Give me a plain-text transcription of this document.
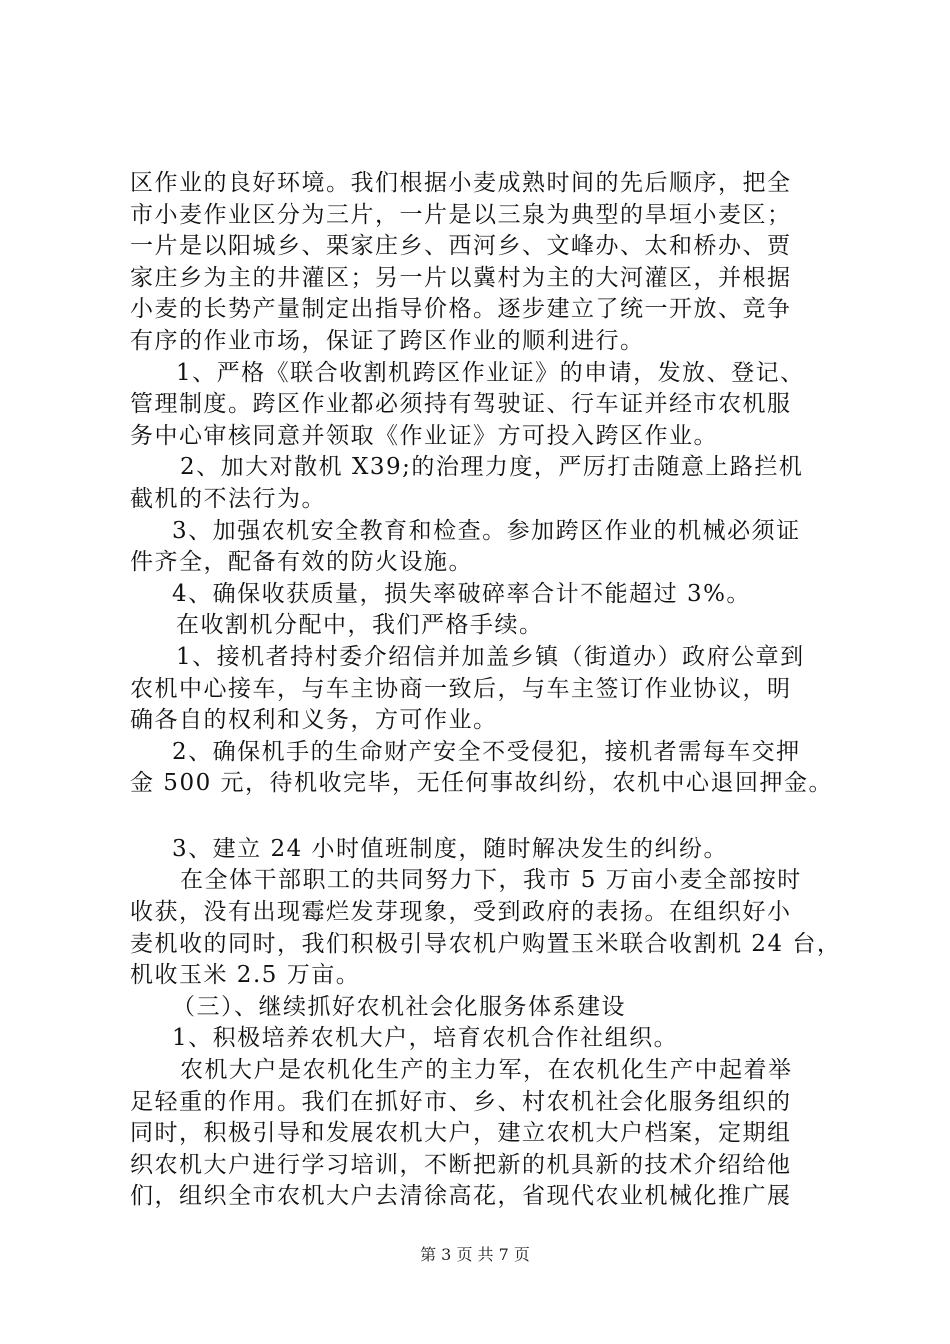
区作业的良好环境。我们根据小麦成熟时间的先后顺序，把全
市小麦作业区分为三片，一片是以三泉为典型的旱垣小麦区；
一片是以阳城乡、栗家庄乡、西河乡、文峰办、太和桥办、贾
家庄乡为主的井灌区；另一片以冀村为主的大河灌区，并根据
小麦的长势产量制定出指导价格。逐步建立了统一开放、竞争
有序的作业市场，保证了跨区作业的顺利进行。
1、严格《联合收割机跨区作业证》的申请，发放、登记、
管理制度。跨区作业都必须持有驾驶证、行车证并经市农机服
务中心审核同意并领取《作业证》方可投入跨区作业。
2、加大对散机 X39;的治理力度，严厉打击随意上路拦机
截机的不法行为。
3、加强农机安全教育和检查。参加跨区作业的机械必须证
件齐全，配备有效的防火设施。
4、确保收获质量，损失率破碎率合计不能超过 3%。
在收割机分配中，我们严格手续。
1、接机者持村委介绍信并加盖乡镇（街道办）政府公章到
农机中心接车，与车主协商一致后，与车主签订作业协议，明
确各自的权利和义务，方可作业。
2、确保机手的生命财产安全不受侵犯，接机者需每车交押
金 500 元，待机收完毕，无任何事故纠纷，农机中心退回押金。
3、建立 24 小时值班制度，随时解决发生的纠纷。
在全体干部职工的共同努力下，我市 5 万亩小麦全部按时
收获，没有出现霉烂发芽现象，受到政府的表扬。在组织好小
麦机收的同时，我们积极引导农机户购置玉米联合收割机 24 台，
机收玉米 2.5 万亩。
（三）、继续抓好农机社会化服务体系建设
1、积极培养农机大户，培育农机合作社组织。
农机大户是农机化生产的主力军，在农机化生产中起着举
足轻重的作用。我们在抓好市、乡、村农机社会化服务组织的
同时，积极引导和发展农机大户，建立农机大户档案，定期组
织农机大户进行学习培训，不断把新的机具新的技术介绍给他
们，组织全市农机大户去清徐高花，省现代农业机械化推广展
第 3 页 共 7 页
